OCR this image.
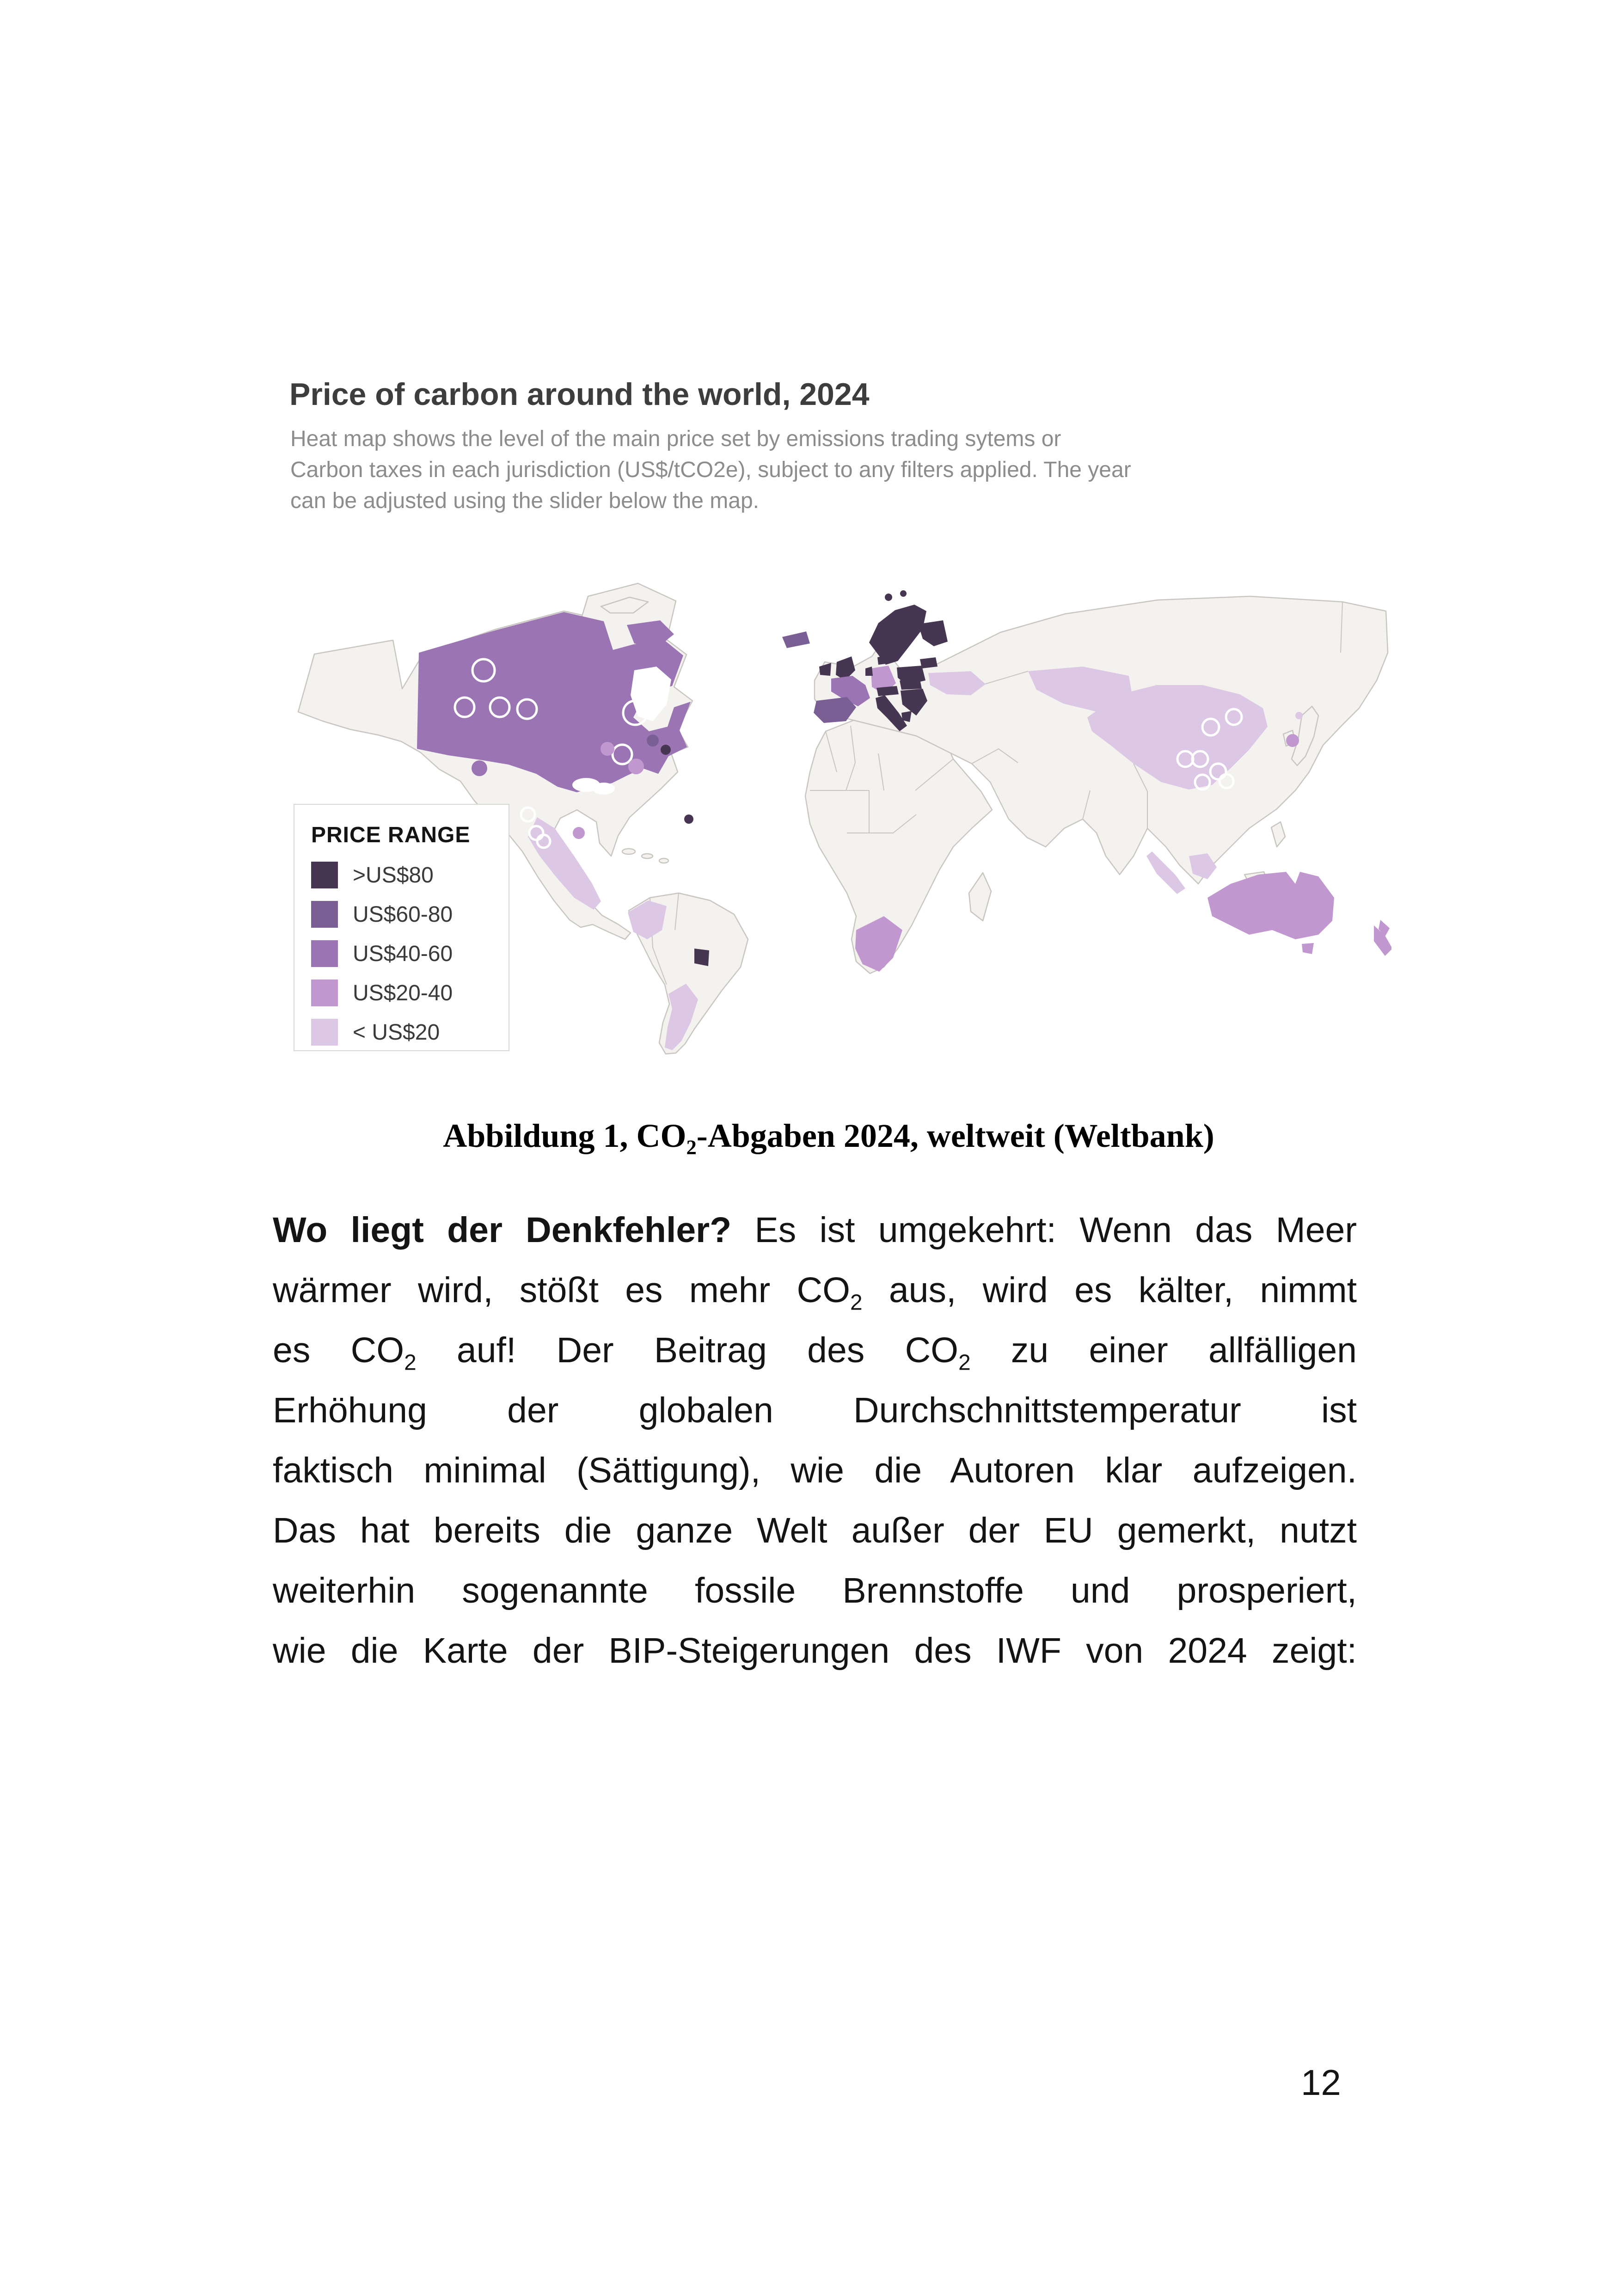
Price of carbon around the world, 2024
Heat map shows the level of the main price set by emissions trading sytems or
Carbon taxes in each jurisdiction (US$/tCO2e), subject to any filters applied. The year
can be adjusted using the slider below the map.
PRICE RANGE
>US$80
US$60-80
US$40-60
US$20-40
< US$20
Abbildung 1, $CO_2$-Abgaben 2024, weltweit (Weltbank)
Wo liegt der Denkfehler? Es ist umgekehrt: Wenn das Meer
wärmer wird, stößt es mehr $CO_2$ aus, wird es kälter, nimmt
es $CO_2$ auf! Der Beitrag des $CO_2$ zu einer allfälligen
Erhöhung der globalen Durchschnittstemperatur ist
faktisch minimal (Sättigung), wie die Autoren klar aufzeigen.
Das hat bereits die ganze Welt außer der EU gemerkt, nutzt
weiterhin sogenannte fossile Brennstoffe und prosperiert,
wie die Karte der BIP-Steigerungen des IWF von 2024 zeigt:
12
